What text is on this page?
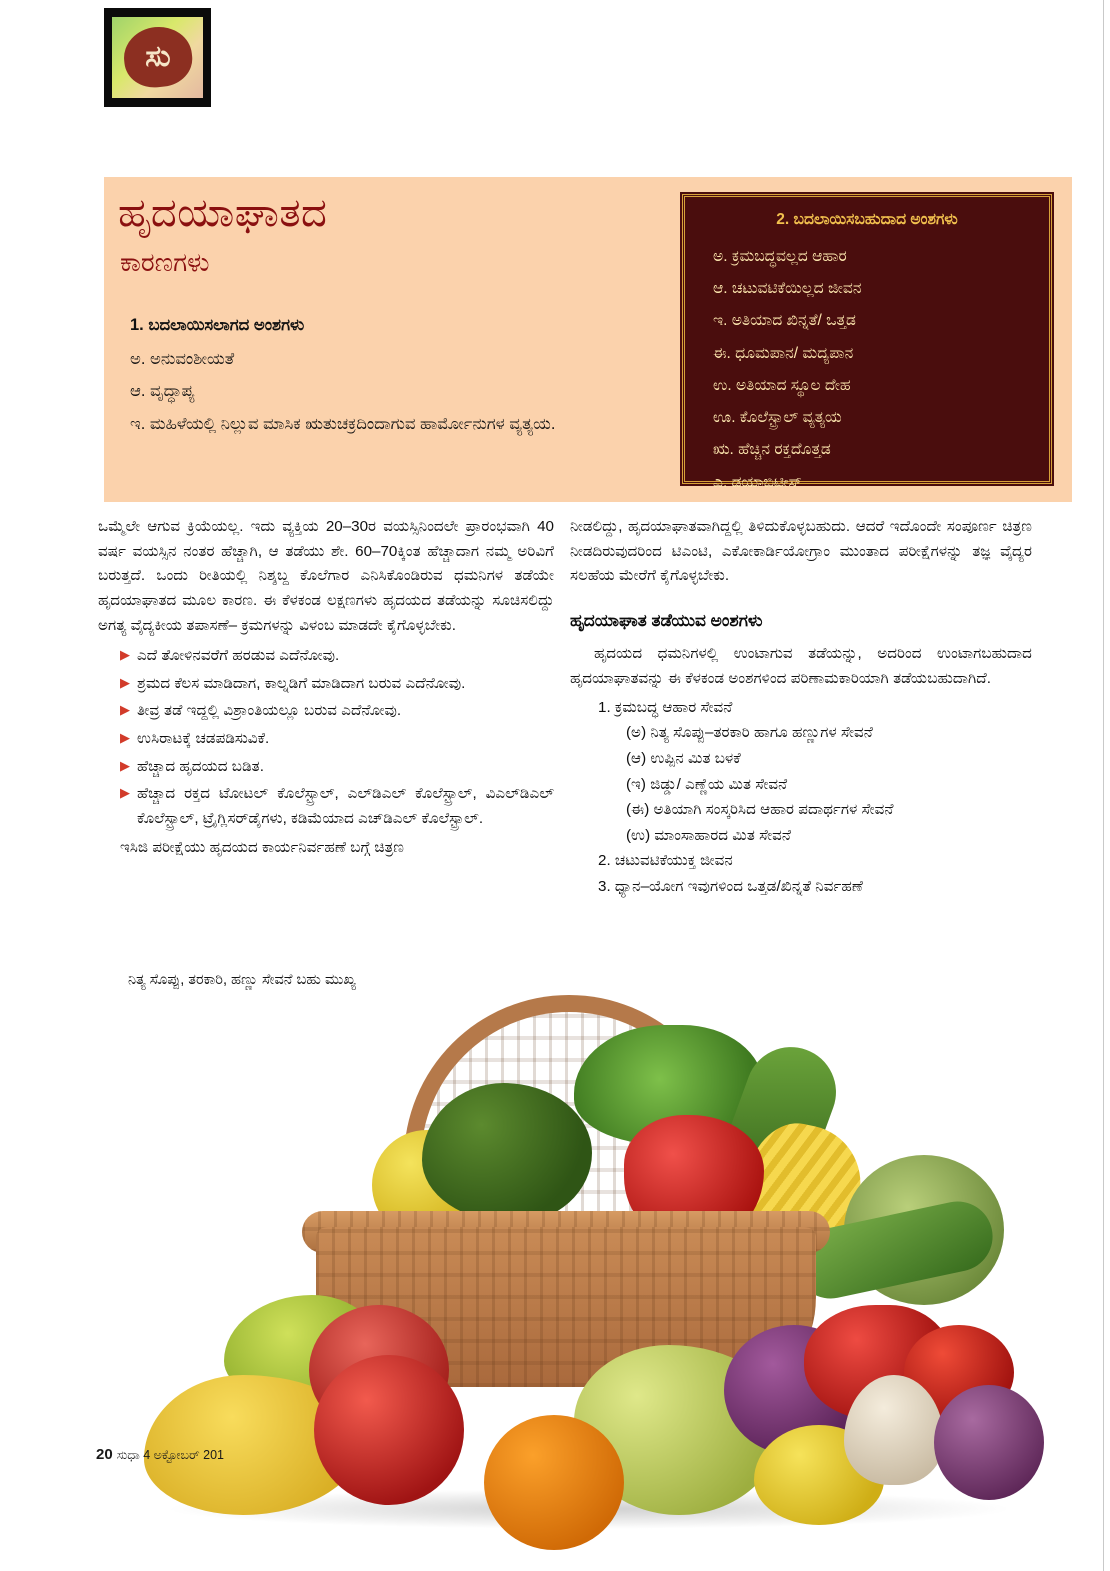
ಸು
ಹೃದಯಾಘಾತದ
ಕಾರಣಗಳು
1. ಬದಲಾಯಿಸಲಾಗದ ಅಂಶಗಳು
ಅ. ಅನುವಂಶೀಯತೆ
ಆ. ವೃದ್ಧಾಪ್ಯ
ಇ. ಮಹಿಳೆಯಲ್ಲಿ ನಿಲ್ಲುವ ಮಾಸಿಕ ಋತುಚಕ್ರದಿಂದಾಗುವ ಹಾರ್ಮೋನುಗಳ ವ್ಯತ್ಯಯ.
2. ಬದಲಾಯಿಸಬಹುದಾದ ಅಂಶಗಳು
ಅ. ಕ್ರಮಬದ್ಧವಲ್ಲದ ಆಹಾರ
ಆ. ಚಟುವಟಿಕೆಯಿಲ್ಲದ ಜೀವನ
ಇ. ಅತಿಯಾದ ಖಿನ್ನತೆ/ ಒತ್ತಡ
ಈ. ಧೂಮಪಾನ/ ಮದ್ಯಪಾನ
ಉ. ಅತಿಯಾದ ಸ್ಥೂಲ ದೇಹ
ಊ. ಕೊಲೆಸ್ಟ್ರಾಲ್ ವ್ಯತ್ಯಯ
ಋ. ಹೆಚ್ಚಿನ ರಕ್ತದೊತ್ತಡ
ಎ. ಡಯಾಬಿಟೀಸ್
ಒಮ್ಮೆಲೇ ಆಗುವ ಕ್ರಿಯೆಯಲ್ಲ. ಇದು ವ್ಯಕ್ತಿಯ 20–30ರ ವಯಸ್ಸಿನಿಂದಲೇ ಪ್ರಾರಂಭವಾಗಿ 40 ವರ್ಷ ವಯಸ್ಸಿನ ನಂತರ ಹೆಚ್ಚಾಗಿ, ಆ ತಡೆಯು ಶೇ. 60–70ಕ್ಕಿಂತ ಹೆಚ್ಚಾದಾಗ ನಮ್ಮ ಅರಿವಿಗೆ ಬರುತ್ತದೆ. ಒಂದು ರೀತಿಯಲ್ಲಿ ನಿಶ್ಶಬ್ದ ಕೊಲೆಗಾರ ಎನಿಸಿಕೊಂಡಿರುವ ಧಮನಿಗಳ ತಡೆಯೇ ಹೃದಯಾಘಾತದ ಮೂಲ ಕಾರಣ. ಈ ಕೆಳಕಂಡ ಲಕ್ಷಣಗಳು ಹೃದಯದ ತಡೆಯನ್ನು ಸೂಚಿಸಲಿದ್ದು ಅಗತ್ಯ ವೈದ್ಯಕೀಯ ತಪಾಸಣೆ– ಕ್ರಮಗಳನ್ನು ವಿಳಂಬ ಮಾಡದೇ ಕೈಗೊಳ್ಳಬೇಕು.
▶ ಎದೆ ತೋಳಿನವರೆಗೆ ಹರಡುವ ಎದೆನೋವು.
▶ ಶ್ರಮದ ಕೆಲಸ ಮಾಡಿದಾಗ, ಕಾಲ್ನಡಿಗೆ ಮಾಡಿದಾಗ ಬರುವ ಎದೆನೋವು.
▶ ತೀವ್ರ ತಡೆ ಇದ್ದಲ್ಲಿ ವಿಶ್ರಾಂತಿಯಲ್ಲೂ ಬರುವ ಎದೆನೋವು.
▶ ಉಸಿರಾಟಕ್ಕೆ ಚಡಪಡಿಸುವಿಕೆ.
▶ ಹೆಚ್ಚಾದ ಹೃದಯದ ಬಡಿತ.
▶ ಹೆಚ್ಚಾದ ರಕ್ತದ ಟೋಟಲ್ ಕೊಲೆಸ್ಟ್ರಾಲ್, ಎಲ್‌ಡಿಎಲ್ ಕೊಲೆಸ್ಟ್ರಾಲ್, ವಿಎಲ್‌ಡಿಎಲ್ ಕೊಲೆಸ್ಟ್ರಾಲ್, ಟ್ರೈಗ್ಲಿಸರ್‌ಡೈಗಳು, ಕಡಿಮೆಯಾದ ಎಚ್‌ಡಿಎಲ್ ಕೊಲೆಸ್ಟ್ರಾಲ್.
ಇಸಿಜಿ ಪರೀಕ್ಷೆಯು ಹೃದಯದ ಕಾರ್ಯನಿರ್ವಹಣೆ ಬಗ್ಗೆ ಚಿತ್ರಣ
ನೀಡಲಿದ್ದು, ಹೃದಯಾಘಾತವಾಗಿದ್ದಲ್ಲಿ ತಿಳಿದುಕೊಳ್ಳಬಹುದು. ಆದರೆ ಇದೊಂದೇ ಸಂಪೂರ್ಣ ಚಿತ್ರಣ ನೀಡದಿರುವುದರಿಂದ ಟಿಎಂಟಿ, ಎಕೋಕಾರ್ಡಿಯೋಗ್ರಾಂ ಮುಂತಾದ ಪರೀಕ್ಷೆಗಳನ್ನು ತಜ್ಞ ವೈದ್ಯರ ಸಲಹೆಯ ಮೇರೆಗೆ ಕೈಗೊಳ್ಳಬೇಕು.
ಹೃದಯಾಘಾತ ತಡೆಯುವ ಅಂಶಗಳು
ಹೃದಯದ ಧಮನಿಗಳಲ್ಲಿ ಉಂಟಾಗುವ ತಡೆಯನ್ನು, ಅದರಿಂದ ಉಂಟಾಗಬಹುದಾದ ಹೃದಯಾಘಾತವನ್ನು ಈ ಕೆಳಕಂಡ ಅಂಶಗಳಿಂದ ಪರಿಣಾಮಕಾರಿಯಾಗಿ ತಡೆಯಬಹುದಾಗಿದೆ.
1. ಕ್ರಮಬದ್ಧ ಆಹಾರ ಸೇವನೆ
(ಅ) ನಿತ್ಯ ಸೊಪ್ಪು–ತರಕಾರಿ ಹಾಗೂ ಹಣ್ಣುಗಳ ಸೇವನೆ
(ಆ) ಉಪ್ಪಿನ ಮಿತ ಬಳಕೆ
(ಇ) ಜಿಡ್ಡು/ ಎಣ್ಣೆಯ ಮಿತ ಸೇವನೆ
(ಈ) ಅತಿಯಾಗಿ ಸಂಸ್ಕರಿಸಿದ ಆಹಾರ ಪದಾರ್ಥಗಳ ಸೇವನೆ
(ಉ) ಮಾಂಸಾಹಾರದ ಮಿತ ಸೇವನೆ
2. ಚಟುವಟಿಕೆಯುಕ್ತ ಜೀವನ
3. ಧ್ಯಾನ–ಯೋಗ ಇವುಗಳಿಂದ ಒತ್ತಡ/ಖಿನ್ನತೆ ನಿರ್ವಹಣೆ
ನಿತ್ಯ ಸೊಪ್ಪು, ತರಕಾರಿ, ಹಣ್ಣು ಸೇವನೆ ಬಹು ಮುಖ್ಯ
20 ಸುಧಾ 4 ಅಕ್ಟೋಬರ್ 201
